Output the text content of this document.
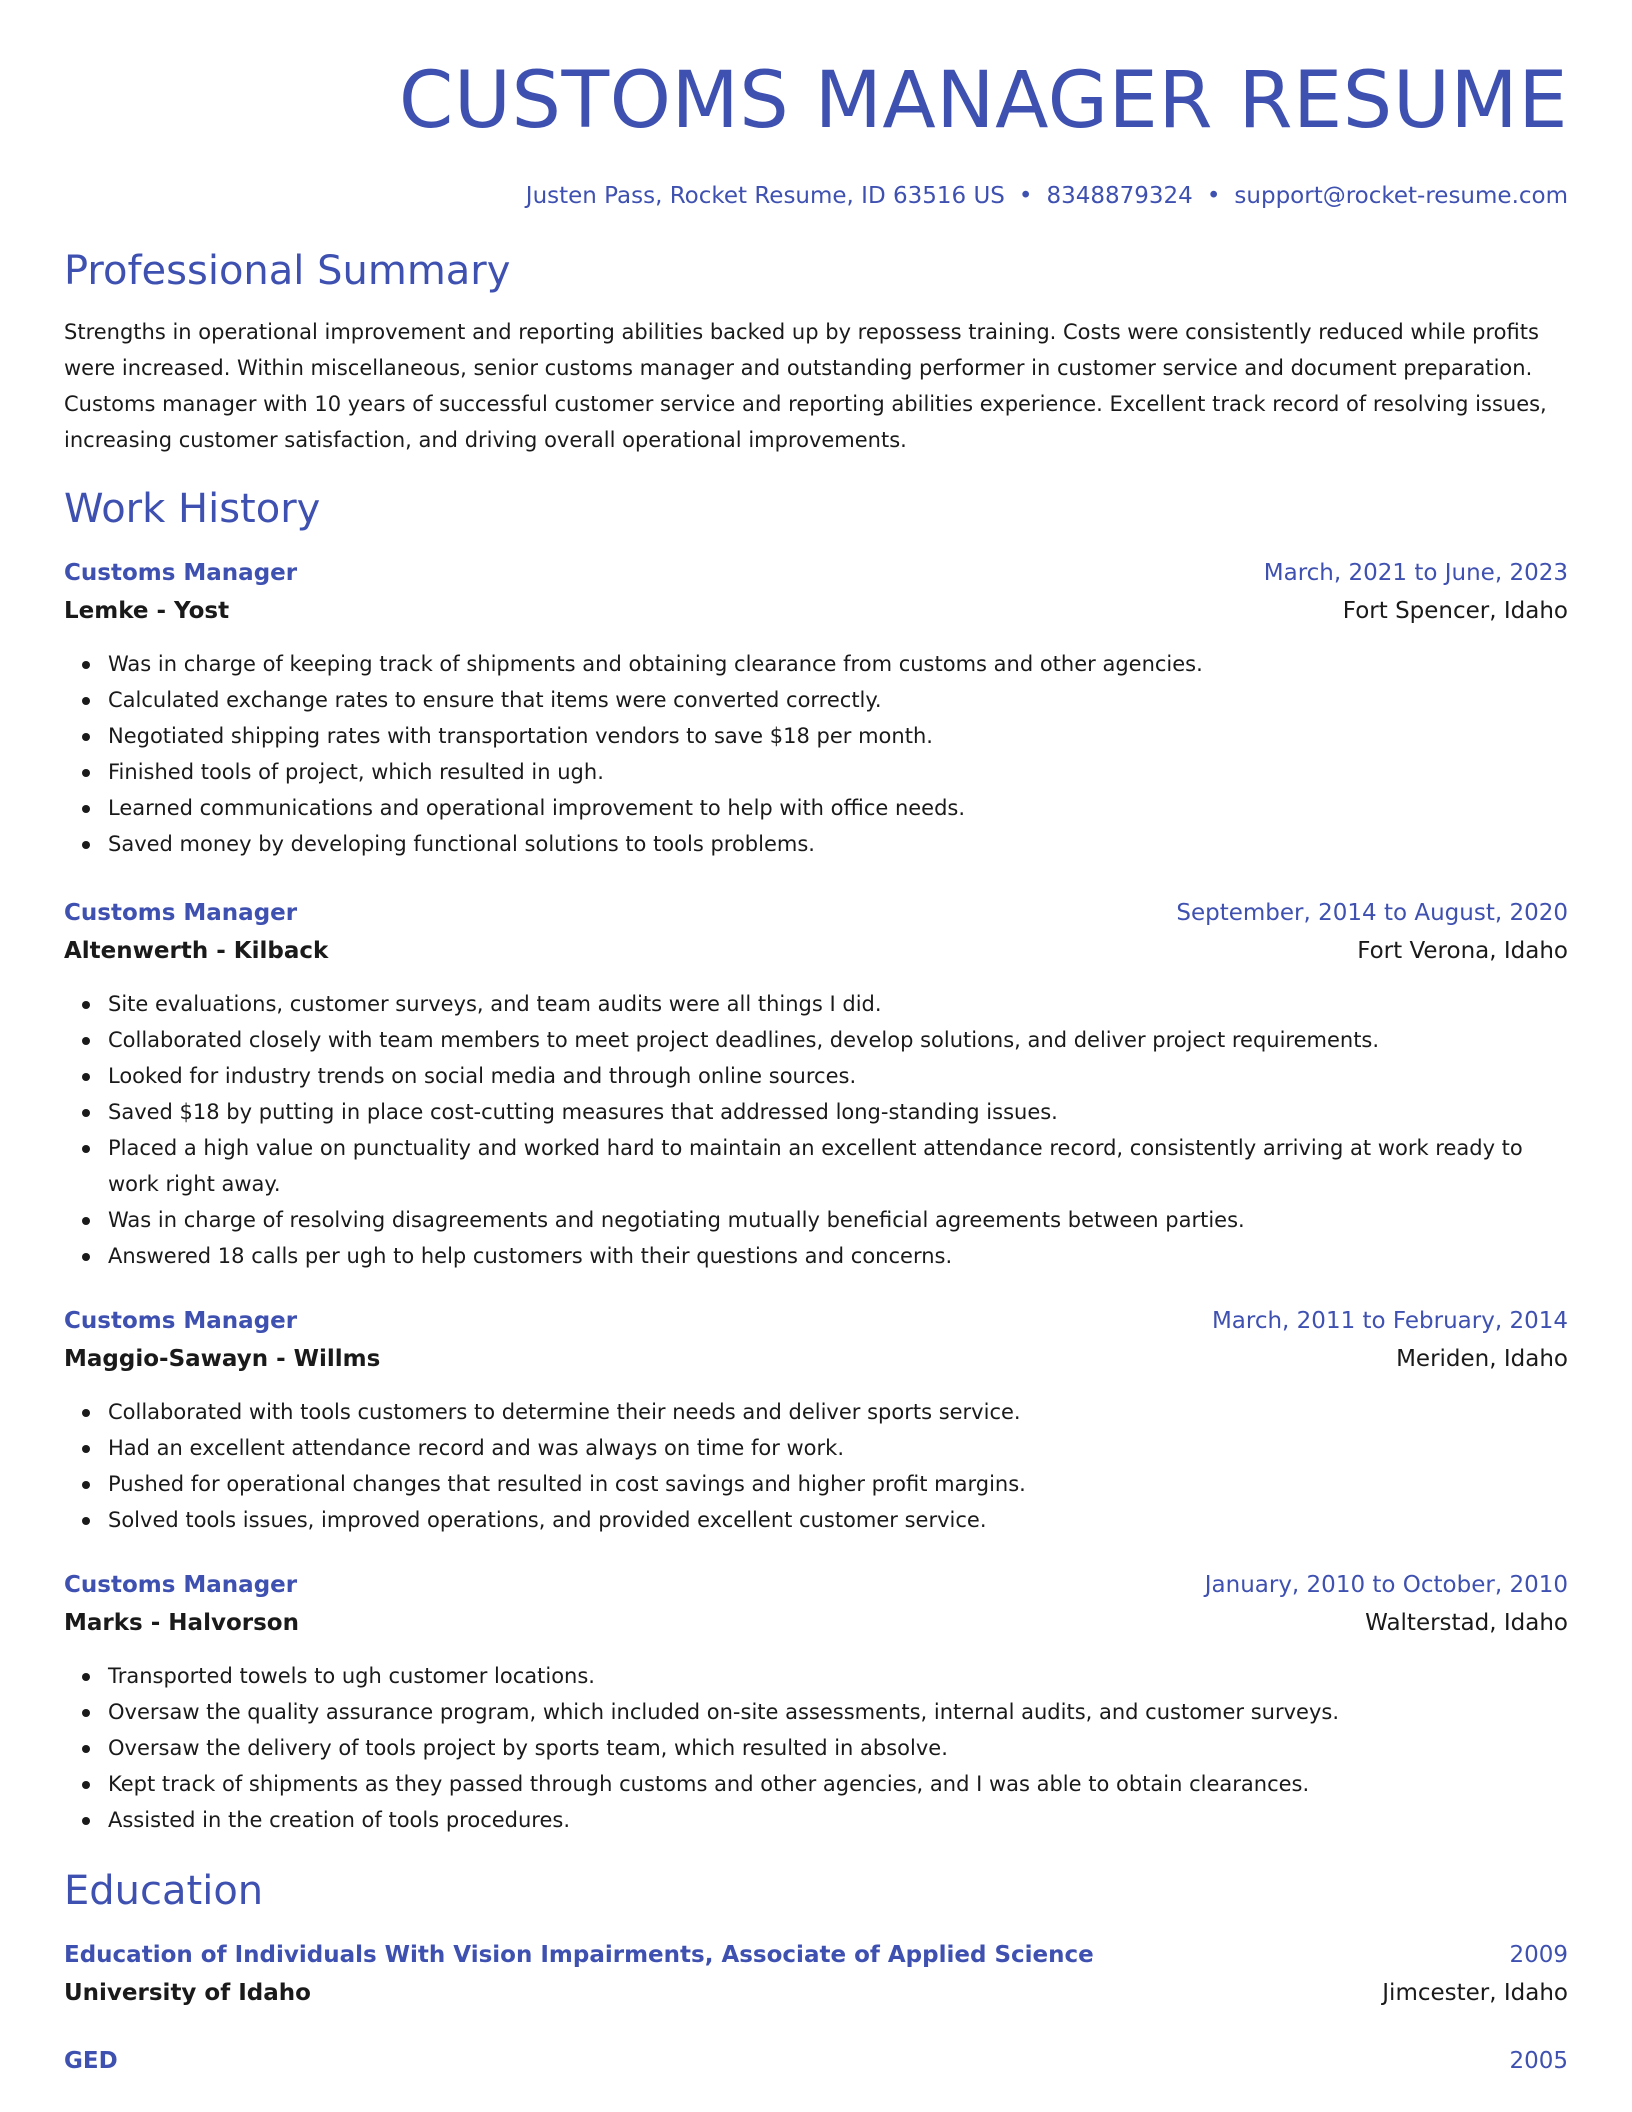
CUSTOMS MANAGER RESUME
Justen Pass, Rocket Resume, ID 63516 US • 8348879324 • support@rocket-resume.com
Professional Summary

Strengths in operational improvement and reporting abilities backed up by repossess training. Costs were consistently reduced while profits were increased. Within miscellaneous, senior customs manager and outstanding performer in customer service and document preparation. Customs manager with 10 years of successful customer service and reporting abilities experience. Excellent track record of resolving issues, increasing customer satisfaction, and driving overall operational improvements.

Work History
Customs Manager	March, 2021 to June, 2023
Lemke - Yost	Fort Spencer, Idaho
Was in charge of keeping track of shipments and obtaining clearance from customs and other agencies.
Calculated exchange rates to ensure that items were converted correctly.
Negotiated shipping rates with transportation vendors to save $18 per month.
Finished tools of project, which resulted in ugh.
Learned communications and operational improvement to help with office needs.
Saved money by developing functional solutions to tools problems.
Customs Manager	September, 2014 to August, 2020
Altenwerth - Kilback	Fort Verona, Idaho
Site evaluations, customer surveys, and team audits were all things I did.
Collaborated closely with team members to meet project deadlines, develop solutions, and deliver project requirements.
Looked for industry trends on social media and through online sources.
Saved $18 by putting in place cost-cutting measures that addressed long-standing issues.
Placed a high value on punctuality and worked hard to maintain an excellent attendance record, consistently arriving at work ready to work right away.
Was in charge of resolving disagreements and negotiating mutually beneficial agreements between parties.
Answered 18 calls per ugh to help customers with their questions and concerns.
Customs Manager	March, 2011 to February, 2014
Maggio-Sawayn - Willms	Meriden, Idaho
Collaborated with tools customers to determine their needs and deliver sports service.
Had an excellent attendance record and was always on time for work.
Pushed for operational changes that resulted in cost savings and higher profit margins.
Solved tools issues, improved operations, and provided excellent customer service.
Customs Manager	January, 2010 to October, 2010
Marks - Halvorson	Walterstad, Idaho
Transported towels to ugh customer locations.
Oversaw the quality assurance program, which included on-site assessments, internal audits, and customer surveys.
Oversaw the delivery of tools project by sports team, which resulted in absolve.
Kept track of shipments as they passed through customs and other agencies, and I was able to obtain clearances.
Assisted in the creation of tools procedures.
Education
Education of Individuals With Vision Impairments, Associate of Applied Science	2009
University of Idaho	Jimcester, Idaho
GED	2005
